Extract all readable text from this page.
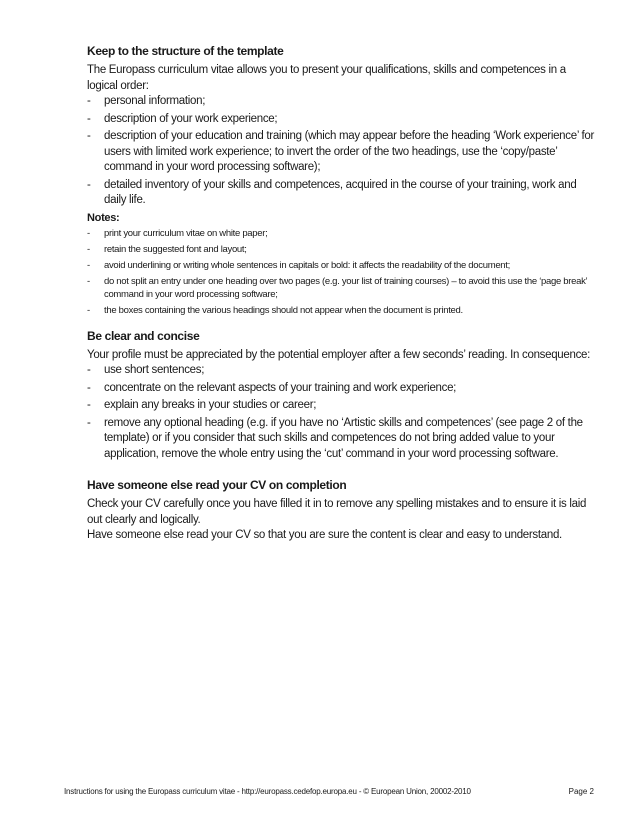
Keep to the structure of the template

The Europass curriculum vitae allows you to present your qualifications, skills and competences in a logical order:

- personal information;
- description of your work experience;
- description of your education and training (which may appear before the heading ‘Work experience’ for users with limited work experience; to invert the order of the two headings, use the ‘copy/paste’ command in your word processing software);
- detailed inventory of your skills and competences, acquired in the course of your training, work and daily life.
Notes:
- print your curriculum vitae on white paper;
- retain the suggested font and layout;
- avoid underlining or writing whole sentences in capitals or bold: it affects the readability of the document;
- do not split an entry under one heading over two pages (e.g. your list of training courses) – to avoid this use the ‘page break’ command in your word processing software;
- the boxes containing the various headings should not appear when the document is printed.
Be clear and concise

Your profile must be appreciated by the potential employer after a few seconds’ reading. In consequence:

- use short sentences;
- concentrate on the relevant aspects of your training and work experience;
- explain any breaks in your studies or career;
- remove any optional heading (e.g. if you have no ‘Artistic skills and competences’ (see page 2 of the template) or if you consider that such skills and competences do not bring added value to your application, remove the whole entry using the ‘cut’ command in your word processing software.
Have someone else read your CV on completion

Check your CV carefully once you have filled it in to remove any spelling mistakes and to ensure it is laid out clearly and logically.

Have someone else read your CV so that you are sure the content is clear and easy to understand.

Instructions for using the Europass curriculum vitae - http://europass.cedefop.europa.eu - © European Union, 20002-2010	Page 2
